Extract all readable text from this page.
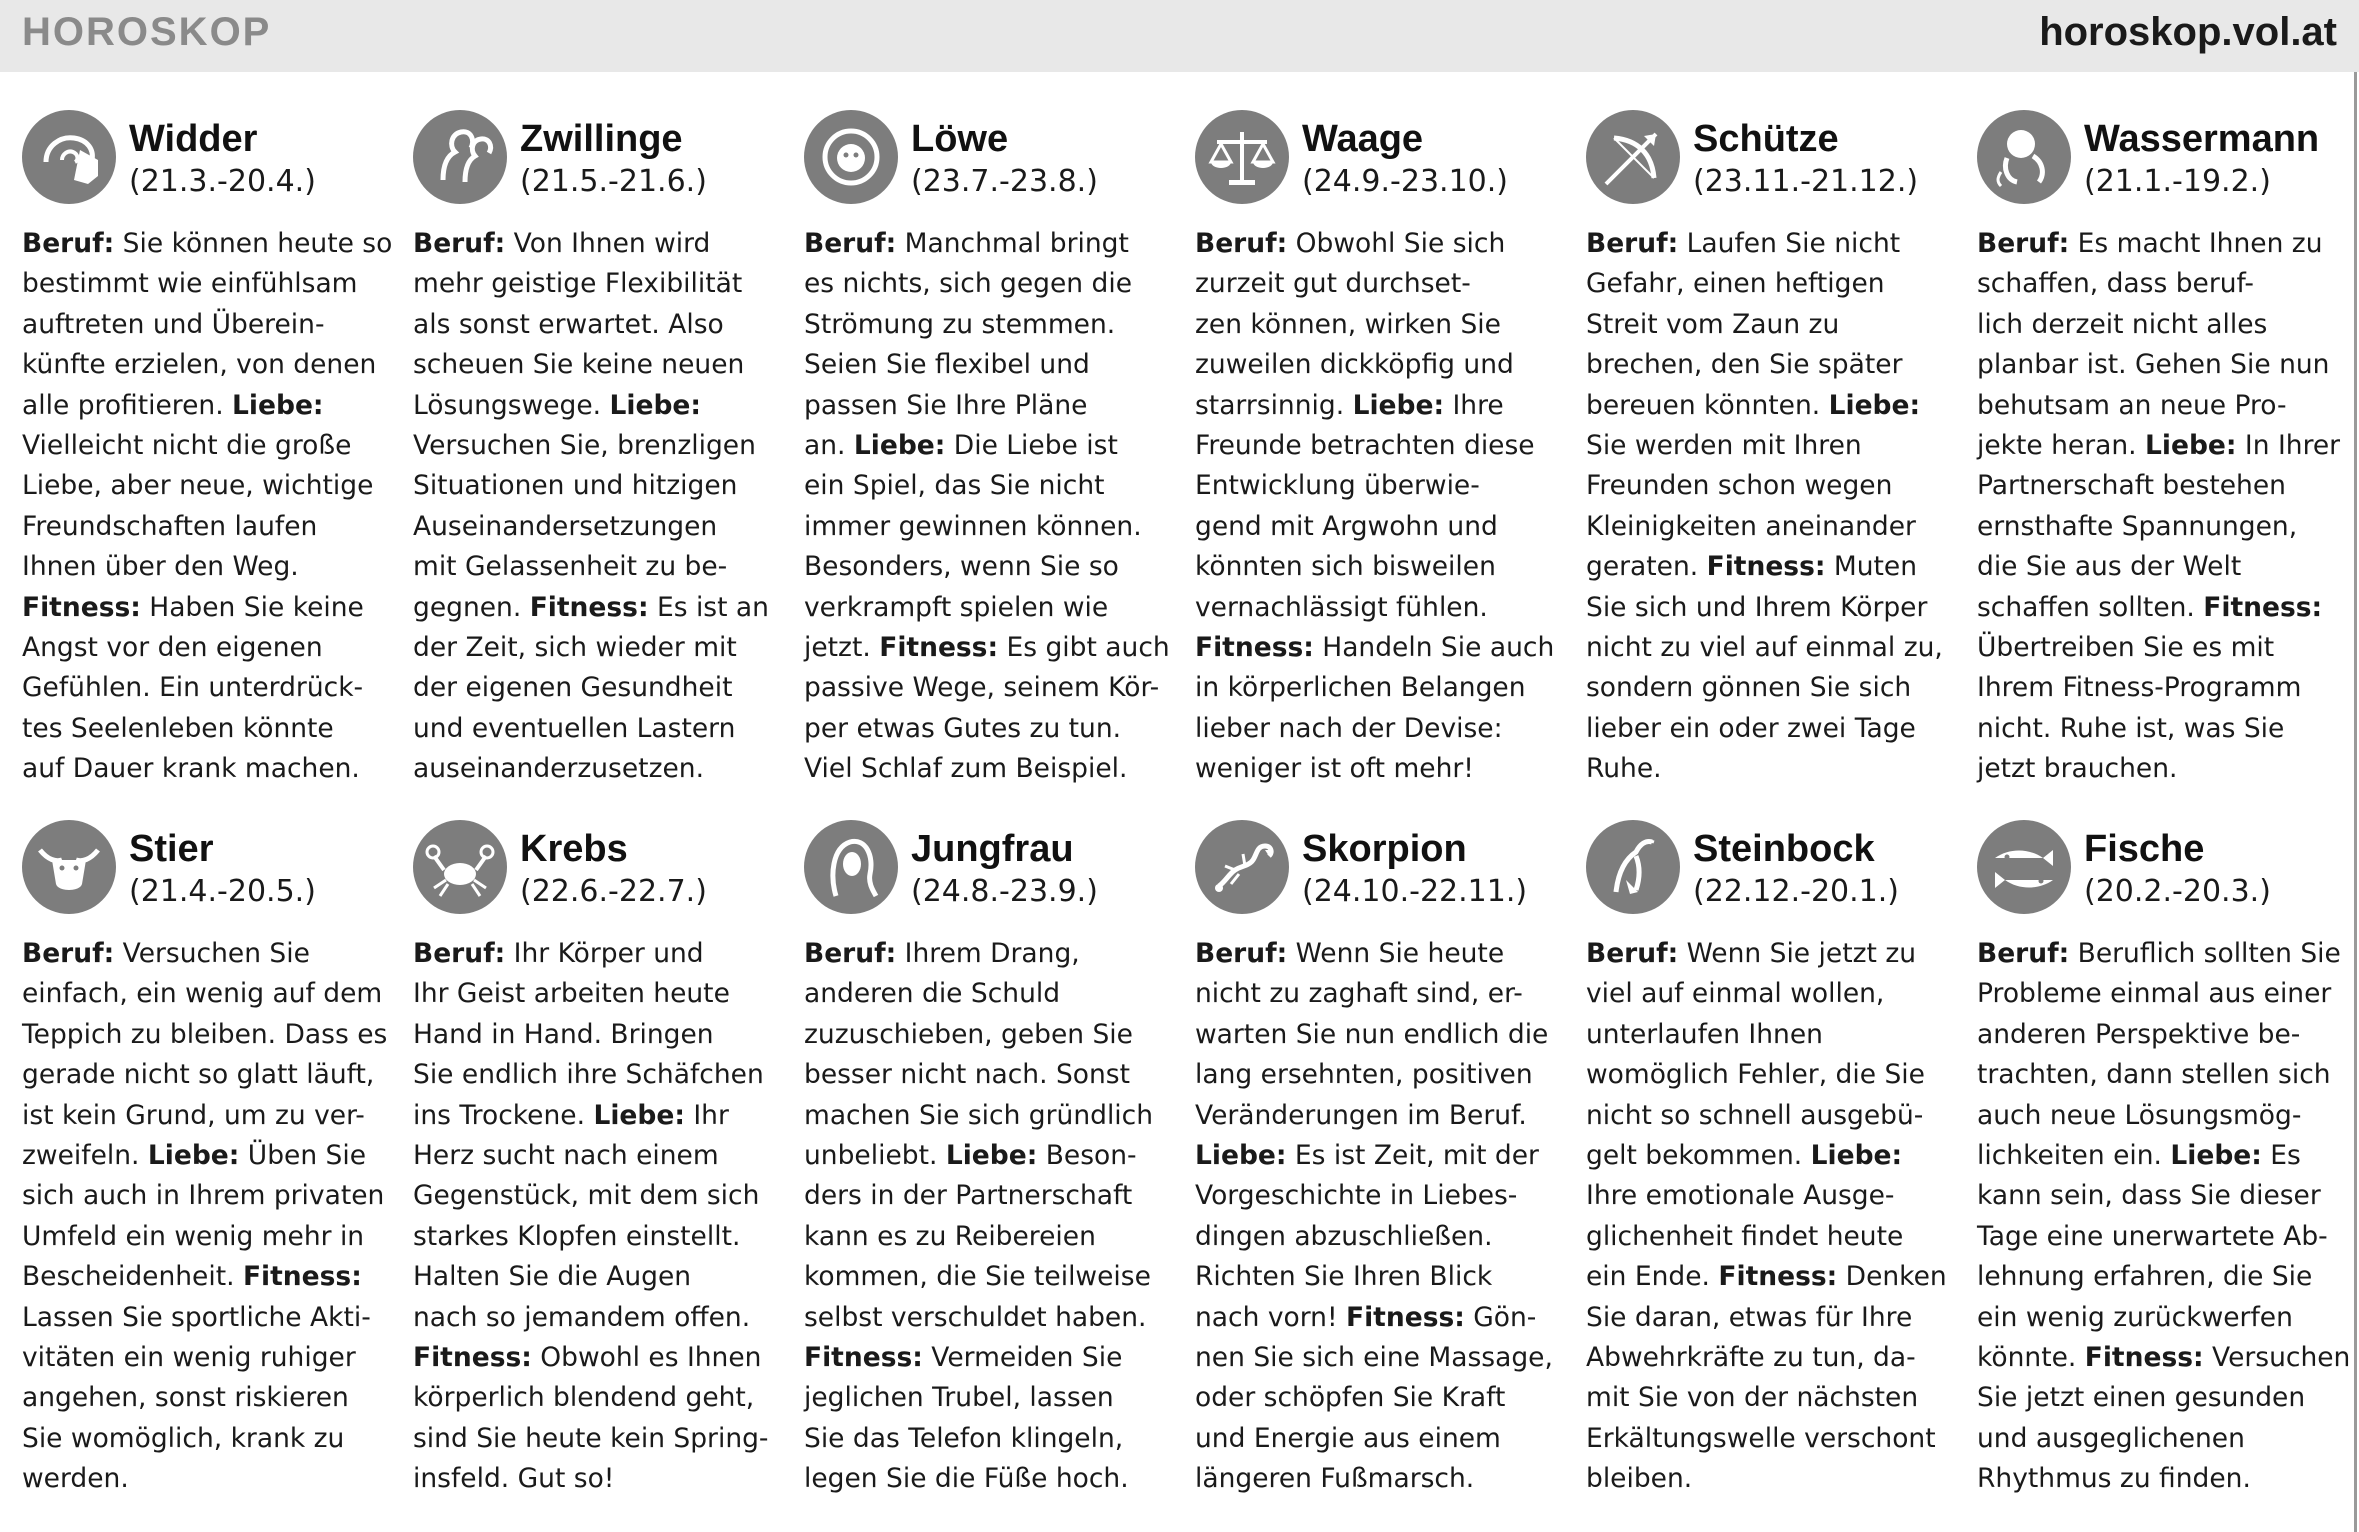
HOROSKOP	horoskop.vol.at
Widder
(21.3.-20.4.)
Beruf: Sie können heute so
bestimmt wie einfühlsam
auftreten und Überein-
künfte erzielen, von denen
alle profitieren. Liebe:
Vielleicht nicht die große
Liebe, aber neue, wichtige
Freundschaften laufen
Ihnen über den Weg.
Fitness: Haben Sie keine
Angst vor den eigenen
Gefühlen. Ein unterdrück-
tes Seelenleben könnte
auf Dauer krank machen.
Zwillinge
(21.5.-21.6.)
Beruf: Von Ihnen wird
mehr geistige Flexibilität
als sonst erwartet. Also
scheuen Sie keine neuen
Lösungswege. Liebe:
Versuchen Sie, brenzligen
Situationen und hitzigen
Auseinandersetzungen
mit Gelassenheit zu be-
gegnen. Fitness: Es ist an
der Zeit, sich wieder mit
der eigenen Gesundheit
und eventuellen Lastern
auseinanderzusetzen.
Löwe
(23.7.-23.8.)
Beruf: Manchmal bringt
es nichts, sich gegen die
Strömung zu stemmen.
Seien Sie flexibel und
passen Sie Ihre Pläne
an. Liebe: Die Liebe ist
ein Spiel, das Sie nicht
immer gewinnen können.
Besonders, wenn Sie so
verkrampft spielen wie
jetzt. Fitness: Es gibt auch
passive Wege, seinem Kör-
per etwas Gutes zu tun.
Viel Schlaf zum Beispiel.
Waage
(24.9.-23.10.)
Beruf: Obwohl Sie sich
zurzeit gut durchset-
zen können, wirken Sie
zuweilen dickköpfig und
starrsinnig. Liebe: Ihre
Freunde betrachten diese
Entwicklung überwie-
gend mit Argwohn und
könnten sich bisweilen
vernachlässigt fühlen.
Fitness: Handeln Sie auch
in körperlichen Belangen
lieber nach der Devise:
weniger ist oft mehr!
Schütze
(23.11.-21.12.)
Beruf: Laufen Sie nicht
Gefahr, einen heftigen
Streit vom Zaun zu
brechen, den Sie später
bereuen könnten. Liebe:
Sie werden mit Ihren
Freunden schon wegen
Kleinigkeiten aneinander
geraten. Fitness: Muten
Sie sich und Ihrem Körper
nicht zu viel auf einmal zu,
sondern gönnen Sie sich
lieber ein oder zwei Tage
Ruhe.
Wassermann
(21.1.-19.2.)
Beruf: Es macht Ihnen zu
schaffen, dass beruf-
lich derzeit nicht alles
planbar ist. Gehen Sie nun
behutsam an neue Pro-
jekte heran. Liebe: In Ihrer
Partnerschaft bestehen
ernsthafte Spannungen,
die Sie aus der Welt
schaffen sollten. Fitness:
Übertreiben Sie es mit
Ihrem Fitness-Programm
nicht. Ruhe ist, was Sie
jetzt brauchen.
Stier
(21.4.-20.5.)
Beruf: Versuchen Sie
einfach, ein wenig auf dem
Teppich zu bleiben. Dass es
gerade nicht so glatt läuft,
ist kein Grund, um zu ver-
zweifeln. Liebe: Üben Sie
sich auch in Ihrem privaten
Umfeld ein wenig mehr in
Bescheidenheit. Fitness:
Lassen Sie sportliche Akti-
vitäten ein wenig ruhiger
angehen, sonst riskieren
Sie womöglich, krank zu
werden.
Krebs
(22.6.-22.7.)
Beruf: Ihr Körper und
Ihr Geist arbeiten heute
Hand in Hand. Bringen
Sie endlich ihre Schäfchen
ins Trockene. Liebe: Ihr
Herz sucht nach einem
Gegenstück, mit dem sich
starkes Klopfen einstellt.
Halten Sie die Augen
nach so jemandem offen.
Fitness: Obwohl es Ihnen
körperlich blendend geht,
sind Sie heute kein Spring-
insfeld. Gut so!
Jungfrau
(24.8.-23.9.)
Beruf: Ihrem Drang,
anderen die Schuld
zuzuschieben, geben Sie
besser nicht nach. Sonst
machen Sie sich gründlich
unbeliebt. Liebe: Beson-
ders in der Partnerschaft
kann es zu Reibereien
kommen, die Sie teilweise
selbst verschuldet haben.
Fitness: Vermeiden Sie
jeglichen Trubel, lassen
Sie das Telefon klingeln,
legen Sie die Füße hoch.
Skorpion
(24.10.-22.11.)
Beruf: Wenn Sie heute
nicht zu zaghaft sind, er-
warten Sie nun endlich die
lang ersehnten, positiven
Veränderungen im Beruf.
Liebe: Es ist Zeit, mit der
Vorgeschichte in Liebes-
dingen abzuschließen.
Richten Sie Ihren Blick
nach vorn! Fitness: Gön-
nen Sie sich eine Massage,
oder schöpfen Sie Kraft
und Energie aus einem
längeren Fußmarsch.
Steinbock
(22.12.-20.1.)
Beruf: Wenn Sie jetzt zu
viel auf einmal wollen,
unterlaufen Ihnen
womöglich Fehler, die Sie
nicht so schnell ausgebü-
gelt bekommen. Liebe:
Ihre emotionale Ausge-
glichenheit findet heute
ein Ende. Fitness: Denken
Sie daran, etwas für Ihre
Abwehrkräfte zu tun, da-
mit Sie von der nächsten
Erkältungswelle verschont
bleiben.
Fische
(20.2.-20.3.)
Beruf: Beruflich sollten Sie
Probleme einmal aus einer
anderen Perspektive be-
trachten, dann stellen sich
auch neue Lösungsmög-
lichkeiten ein. Liebe: Es
kann sein, dass Sie dieser
Tage eine unerwartete Ab-
lehnung erfahren, die Sie
ein wenig zurückwerfen
könnte. Fitness: Versuchen
Sie jetzt einen gesunden
und ausgeglichenen
Rhythmus zu finden.
